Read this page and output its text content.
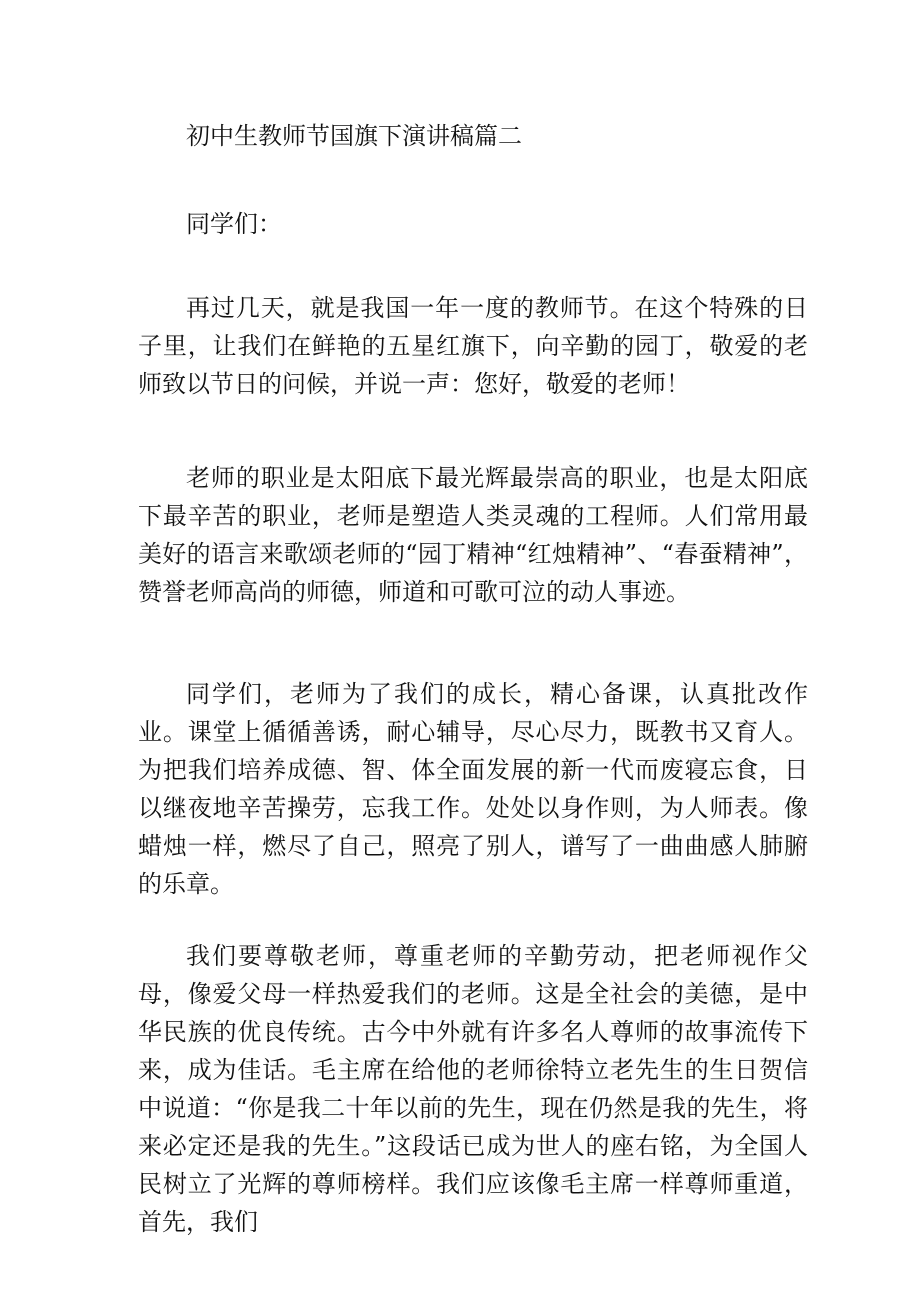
初中生教师节国旗下演讲稿篇二

同学们：

再过几天，就是我国一年一度的教师节。在这个特殊的日子里，让我们在鲜艳的五星红旗下，向辛勤的园丁，敬爱的老师致以节日的问候，并说一声：您好，敬爱的老师！

老师的职业是太阳底下最光辉最崇高的职业，也是太阳底下最辛苦的职业，老师是塑造人类灵魂的工程师。人们常用最美好的语言来歌颂老师的“园丁精神“红烛精神”、“春蚕精神”，赞誉老师高尚的师德，师道和可歌可泣的动人事迹。

同学们，老师为了我们的成长，精心备课，认真批改作业。课堂上循循善诱，耐心辅导，尽心尽力，既教书又育人。为把我们培养成德、智、体全面发展的新一代而废寝忘食，日以继夜地辛苦操劳，忘我工作。处处以身作则，为人师表。像蜡烛一样，燃尽了自己，照亮了别人，谱写了一曲曲感人肺腑的乐章。

我们要尊敬老师，尊重老师的辛勤劳动，把老师视作父母，像爱父母一样热爱我们的老师。这是全社会的美德，是中华民族的优良传统。古今中外就有许多名人尊师的故事流传下来，成为佳话。毛主席在给他的老师徐特立老先生的生日贺信中说道：“你是我二十年以前的先生，现在仍然是我的先生，将来必定还是我的先生。”这段话已成为世人的座右铭，为全国人民树立了光辉的尊师榜样。我们应该像毛主席一样尊师重道，首先，我们
